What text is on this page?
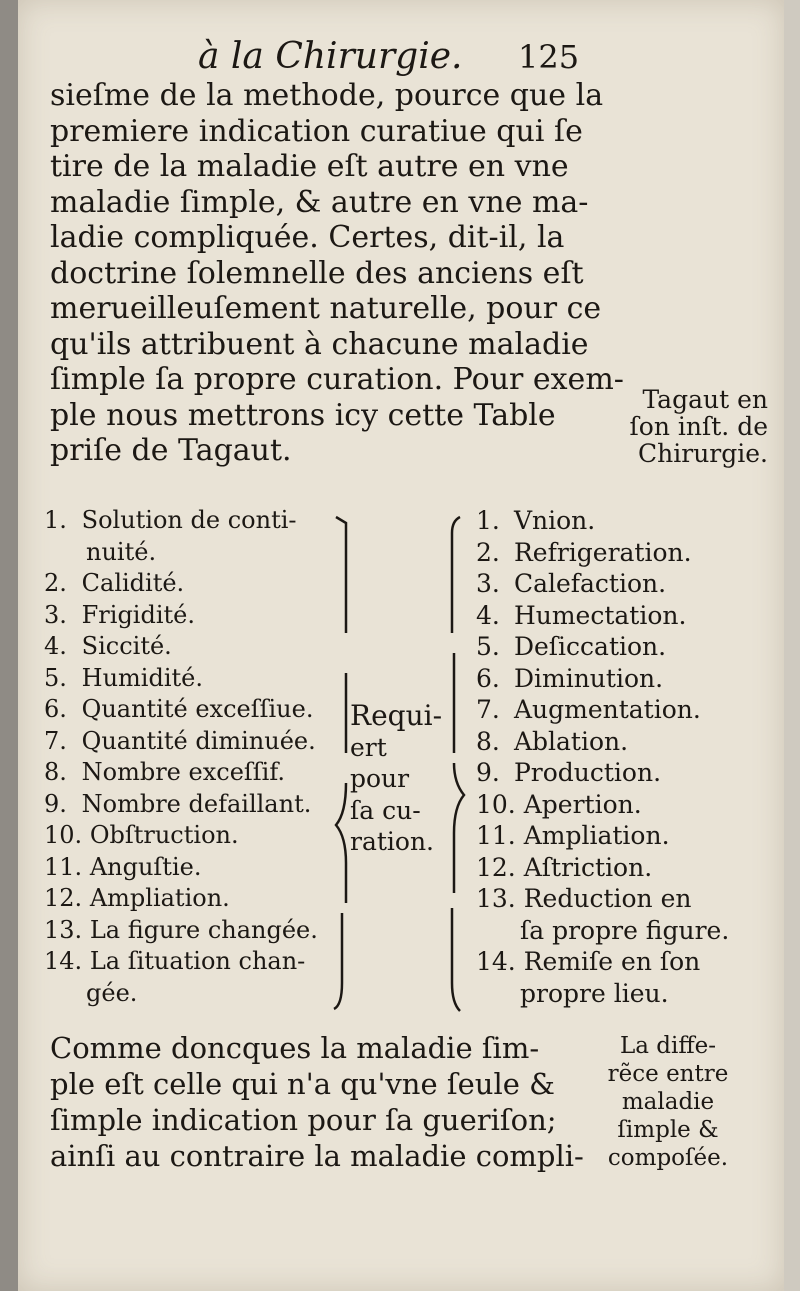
à la Chirurgie. 125
sieſme de la methode, pource que la
premiere indication curatiue qui ſe
tire de la maladie eſt autre en vne
maladie ſimple, & autre en vne ma-
ladie compliquée. Certes, dit-il, la
doctrine ſolemnelle des anciens eſt
merueilleuſement naturelle, pour ce
qu'ils attribuent à chacune maladie
ſimple ſa propre curation. Pour exem-
ple nous mettrons icy cette Table
priſe de Tagaut.
Tagaut en
ſon inſt. de
Chirurgie.
1. Solution de conti-
nuité.
2. Calidité.
3. Frigidité.
4. Siccité.
5. Humidité.
6. Quantité exceſſiue.
7. Quantité diminuée.
8. Nombre exceſſif.
9. Nombre defaillant.
10. Obſtruction.
11. Anguſtie.
12. Ampliation.
13. La figure changée.
14. La ſituation chan-
gée.
Requi-
ert
pour
ſa cu-
ration.
1. Vnion.
2. Refrigeration.
3. Calefaction.
4. Humectation.
5. Deſiccation.
6. Diminution.
7. Augmentation.
8. Ablation.
9. Production.
10. Apertion.
11. Ampliation.
12. Aſtriction.
13. Reduction en
ſa propre figure.
14. Remiſe en ſon
propre lieu.
Comme doncques la maladie ſim-
ple eſt celle qui n'a qu'vne ſeule &
ſimple indication pour ſa gueriſon;
ainſi au contraire la maladie compli-
La diffe-
rẽce entre
maladie
ſimple &
compoſée.
